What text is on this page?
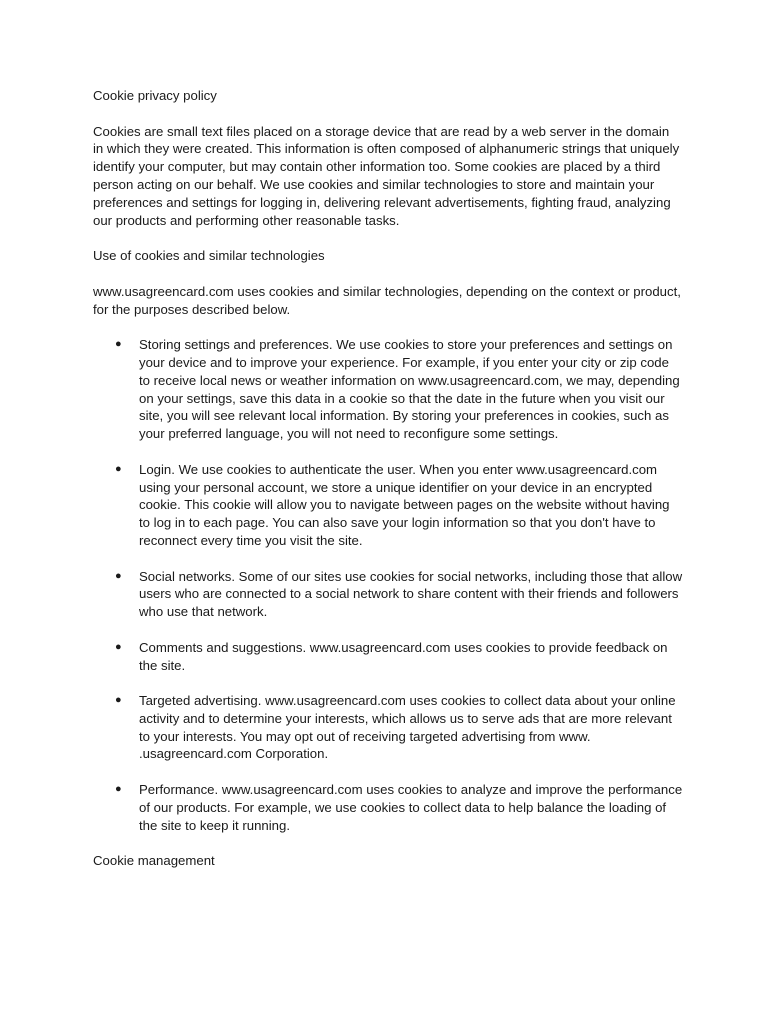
Cookie privacy policy

Cookies are small text files placed on a storage device that are read by a web server in the domain in which they were created. This information is often composed of alphanumeric strings that uniquely identify your computer, but may contain other information too. Some cookies are placed by a third person acting on our behalf. We use cookies and similar technologies to store and maintain your preferences and settings for logging in, delivering relevant advertisements, fighting fraud, analyzing our products and performing other reasonable tasks.

Use of cookies and similar technologies

www.usagreencard.com uses cookies and similar technologies, depending on the context or product, for the purposes described below.

● Storing settings and preferences. We use cookies to store your preferences and settings on your device and to improve your experience. For example, if you enter your city or zip code to receive local news or weather information on www.usagreencard.com, we may, depending on your settings, save this data in a cookie so that the date in the future when you visit our site, you will see relevant local information. By storing your preferences in cookies, such as your preferred language, you will not need to reconfigure some settings.
● Login. We use cookies to authenticate the user. When you enter www.usagreencard.com using your personal account, we store a unique identifier on your device in an encrypted cookie. This cookie will allow you to navigate between pages on the website without having to log in to each page. You can also save your login information so that you don't have to reconnect every time you visit the site.
● Social networks. Some of our sites use cookies for social networks, including those that allow users who are connected to a social network to share content with their friends and followers who use that network.
● Comments and suggestions. www.usagreencard.com uses cookies to provide feedback on the site.
● Targeted advertising. www.usagreencard.com uses cookies to collect data about your online activity and to determine your interests, which allows us to serve ads that are more relevant to your interests. You may opt out of receiving targeted advertising from www. .usagreencard.com Corporation.
● Performance. www.usagreencard.com uses cookies to analyze and improve the performance of our products. For example, we use cookies to collect data to help balance the loading of the site to keep it running.

Cookie management
